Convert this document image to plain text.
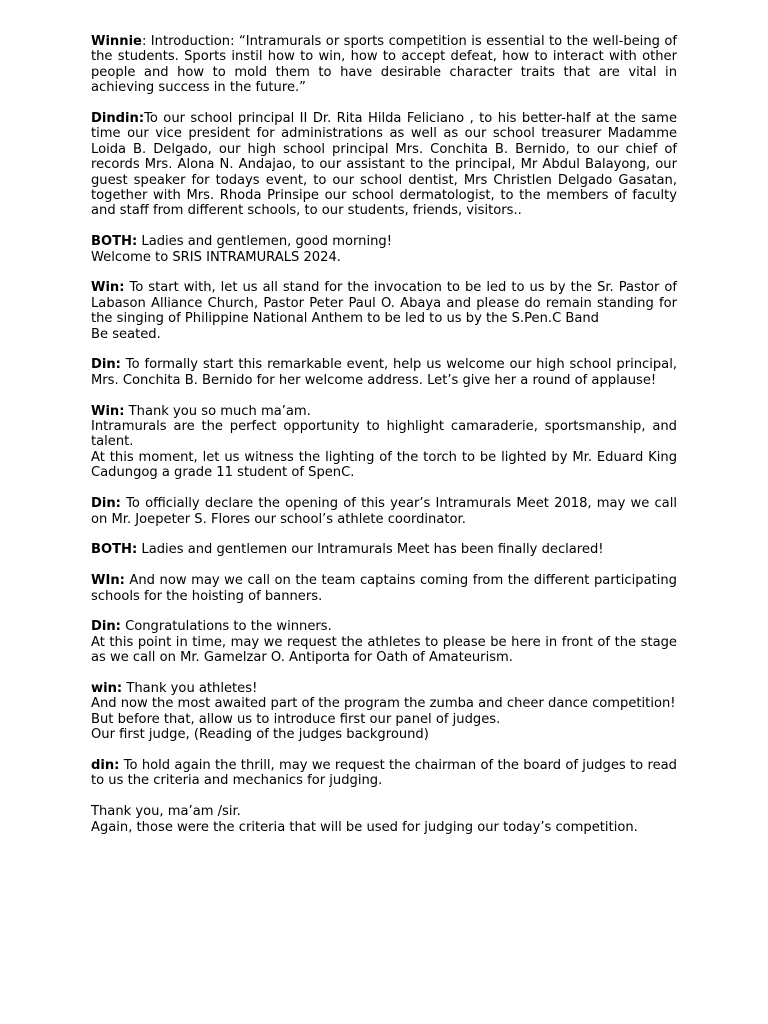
Winnie: Introduction: “Intramurals or sports competition is essential to the well-being of the students. Sports instil how to win, how to accept defeat, how to interact with other people and how to mold them to have desirable character traits that are vital in achieving success in the future.”

Dindin:To our school principal II Dr. Rita Hilda Feliciano , to his better-half at the same time our vice president for administrations as well as our school treasurer Madamme Loida B. Delgado, our high school principal Mrs. Conchita B. Bernido, to our chief of records Mrs. Alona N. Andajao, to our assistant to the principal, Mr Abdul Balayong, our guest speaker for todays event, to our school dentist, Mrs Christlen Delgado Gasatan, together with Mrs. Rhoda Prinsipe our school dermatologist, to the members of faculty and staff from different schools, to our students, friends, visitors..

BOTH: Ladies and gentlemen, good morning!
Welcome to SRIS INTRAMURALS 2024.

Win: To start with, let us all stand for the invocation to be led to us by the Sr. Pastor of Labason Alliance Church, Pastor Peter Paul O. Abaya and please do remain standing for the singing of Philippine National Anthem to be led to us by the S.Pen.C Band
Be seated.

Din: To formally start this remarkable event, help us welcome our high school principal, Mrs. Conchita B. Bernido for her welcome address. Let’s give her a round of applause!

Win: Thank you so much ma’am.
Intramurals are the perfect opportunity to highlight camaraderie, sportsmanship, and talent.
At this moment, let us witness the lighting of the torch to be lighted by Mr. Eduard King Cadungog a grade 11 student of SpenC.

Din: To officially declare the opening of this year’s Intramurals Meet 2018, may we call on Mr. Joepeter S. Flores our school’s athlete coordinator.

BOTH: Ladies and gentlemen our Intramurals Meet has been finally declared!

WIn: And now may we call on the team captains coming from the different participating schools for the hoisting of banners.

Din: Congratulations to the winners.
At this point in time, may we request the athletes to please be here in front of the stage as we call on Mr. Gamelzar O. Antiporta for Oath of Amateurism.

win: Thank you athletes!
And now the most awaited part of the program the zumba and cheer dance competition!
But before that, allow us to introduce first our panel of judges.
Our first judge, (Reading of the judges background)

din: To hold again the thrill, may we request the chairman of the board of judges to read to us the criteria and mechanics for judging.

Thank you, ma’am /sir.
Again, those were the criteria that will be used for judging our today’s competition.
